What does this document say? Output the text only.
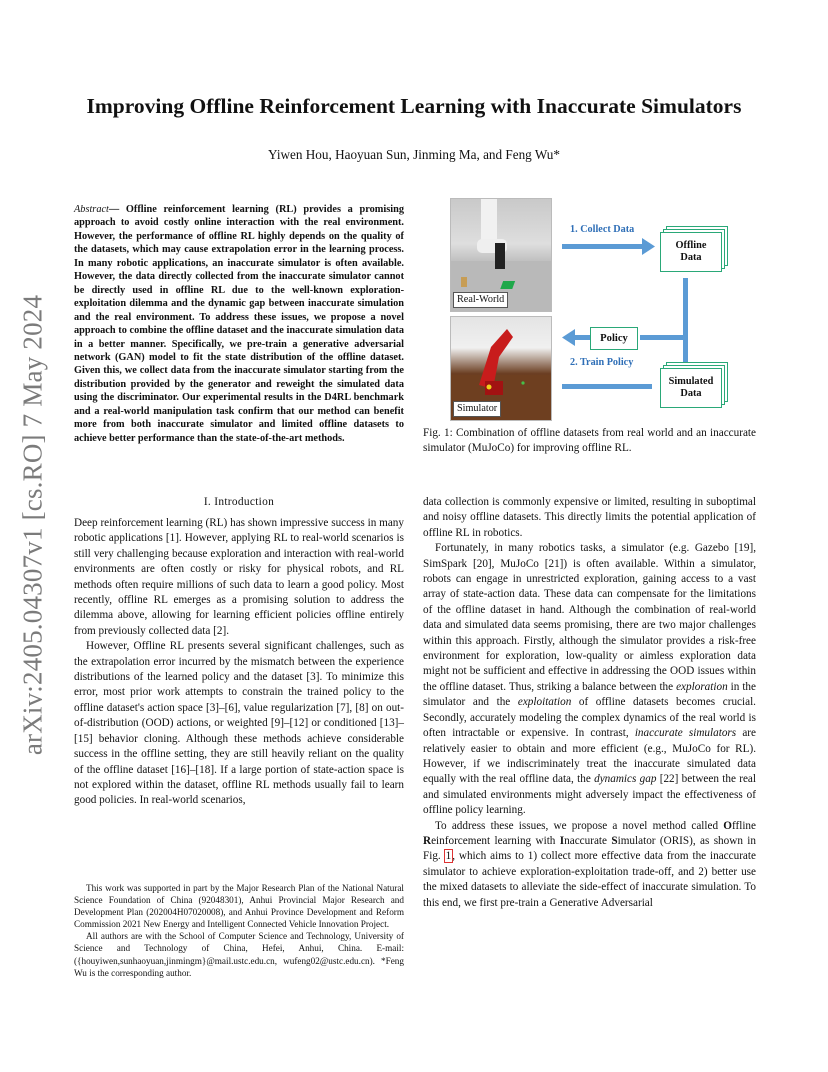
arXiv:2405.04307v1 [cs.RO] 7 May 2024
Improving Offline Reinforcement Learning with Inaccurate Simulators
Yiwen Hou, Haoyuan Sun, Jinming Ma, and Feng Wu*
Abstract— Offline reinforcement learning (RL) provides a promising approach to avoid costly online interaction with the real environment. However, the performance of offline RL highly depends on the quality of the datasets, which may cause extrapolation error in the learning process. In many robotic applications, an inaccurate simulator is often available. However, the data directly collected from the inaccurate simulator cannot be directly used in offline RL due to the well-known exploration-exploitation dilemma and the dynamic gap between inaccurate simulation and the real environment. To address these issues, we propose a novel approach to combine the offline dataset and the inaccurate simulation data in a better manner. Specifically, we pre-train a generative adversarial network (GAN) model to fit the state distribution of the offline dataset. Given this, we collect data from the inaccurate simulator starting from the distribution provided by the generator and reweight the simulated data using the discriminator. Our experimental results in the D4RL benchmark and a real-world manipulation task confirm that our method can benefit more from both inaccurate simulator and limited offline datasets to achieve better performance than the state-of-the-art methods.
I. Introduction

Deep reinforcement learning (RL) has shown impressive success in many robotic applications [1]. However, applying RL to real-world scenarios is still very challenging because exploration and interaction with real-world environments are often costly or risky for physical robots, and RL methods often require millions of such data to learn a good policy. Most recently, offline RL emerges as a promising solution to address the dilemma above, allowing for learning efficient policies offline entirely from previously collected data [2].

However, Offline RL presents several significant challenges, such as the extrapolation error incurred by the mismatch between the experience distributions of the learned policy and the dataset [3]. To minimize this error, most prior work attempts to constrain the trained policy to the offline dataset's action space [3]–[6], value regularization [7], [8] on out-of-distribution (OOD) actions, or weighted [9]–[12] or conditioned [13]–[15] behavior cloning. Although these methods achieve considerable success in the offline setting, they are still heavily reliant on the quality of the offline dataset [16]–[18]. If a large portion of state-action space is not explored within the dataset, offline RL methods usually fail to learn good policies. In real-world scenarios,

This work was supported in part by the Major Research Plan of the National Natural Science Foundation of China (92048301), Anhui Provincial Major Research and Development Plan (202004H07020008), and Anhui Province Development and Reform Commission 2021 New Energy and Intelligent Connected Vehicle Innovation Project.

All authors are with the School of Computer Science and Technology, University of Science and Technology of China, Hefei, Anhui, China. E-mail: ({houyiwen,sunhaoyuan,jinmingm}@mail.ustc.edu.cn, wufeng02@ustc.edu.cn). *Feng Wu is the corresponding author.

Real-World
Simulator
1. Collect Data
2. Train Policy
Offline
Data
Policy
Simulated
Data
Fig. 1: Combination of offline datasets from real world and an inaccurate simulator (MuJoCo) for improving offline RL.

data collection is commonly expensive or limited, resulting in suboptimal and noisy offline datasets. This directly limits the potential application of offline RL in robotics.

Fortunately, in many robotics tasks, a simulator (e.g. Gazebo [19], SimSpark [20], MuJoCo [21]) is often available. Within a simulator, robots can engage in unrestricted exploration, gaining access to a vast array of state-action data. These data can compensate for the limitations of the offline dataset in hand. Although the combination of real-world data and simulated data seems promising, there are two major challenges within this approach. Firstly, although the simulator provides a risk-free environment for exploration, low-quality or aimless exploration data might not be sufficient and effective in addressing the OOD issues within the offline dataset. Thus, striking a balance between the exploration in the simulator and the exploitation of offline datasets becomes crucial. Secondly, accurately modeling the complex dynamics of the real world is often intractable or expensive. In contrast, inaccurate simulators are relatively easier to obtain and more efficient (e.g., MuJoCo for RL). However, if we indiscriminately treat the inaccurate simulated data equally with the real offline data, the dynamics gap [22] between the real and simulated environments might adversely impact the effectiveness of offline policy learning.

To address these issues, we propose a novel method called Offline Reinforcement learning with Inaccurate Simulator (ORIS), as shown in Fig. 1, which aims to 1) collect more effective data from the inaccurate simulator to achieve exploration-exploitation trade-off, and 2) better use the mixed datasets to alleviate the side-effect of inaccurate simulation. To this end, we first pre-train a Generative Adversarial
